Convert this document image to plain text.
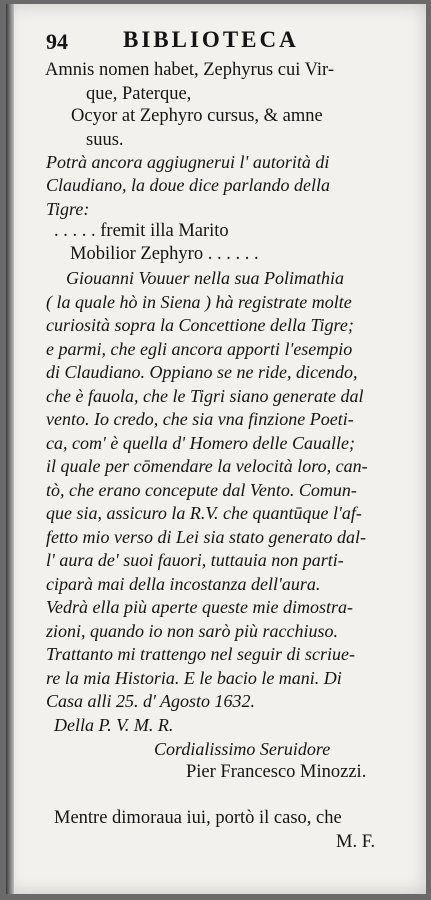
94 BIBLIOTECA
Amnis nomen habet, Zephyrus cui Vir-
que, Paterque,
Ocyor at Zephyro cursus, & amne
suus.
Potrà ancora aggiugnerui l' autorità di
Claudiano, la doue dice parlando della
Tigre:
. . . . . fremit illa Marito
Mobilior Zephyro . . . . . .
Giouanni Vouuer nella sua Polimathia
( la quale hò in Siena ) hà registrate molte
curiosità sopra la Concettione della Tigre;
e parmi, che egli ancora apporti l'esempio
di Claudiano. Oppiano se ne ride, dicendo,
che è fauola, che le Tigri siano generate dal
vento. Io credo, che sia vna finzione Poeti-
ca, com' è quella d' Homero delle Caualle;
il quale per cōmendare la velocità loro, can-
tò, che erano concepute dal Vento. Comun-
que sia, assicuro la R.V. che quantūque l'af-
fetto mio verso di Lei sia stato generato dal-
l' aura de' suoi fauori, tuttauia non parti-
ciparà mai della incostanza dell'aura.
Vedrà ella più aperte queste mie dimostra-
zioni, quando io non sarò più racchiuso.
Trattanto mi trattengo nel seguir di scriue-
re la mia Historia. E le bacio le mani. Di
Casa alli 25. d' Agosto 1632.
Della P. V. M. R.
Cordialissimo Seruidore
Pier Francesco Minozzi.
Mentre dimoraua iui, portò il caso, che
M. F.
